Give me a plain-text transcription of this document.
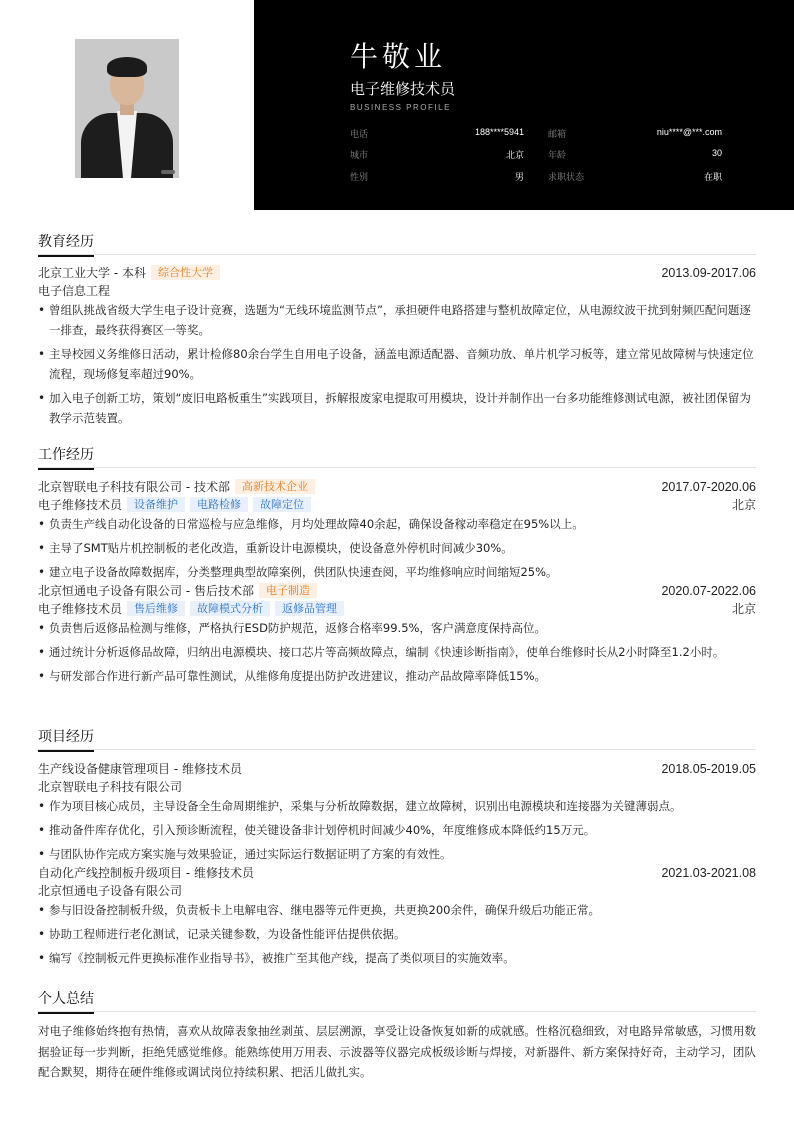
牛敬业
电子维修技术员
BUSINESS PROFILE
电话	188****5941	邮箱	niu****@***.com
城市	北京	年龄	30
性别	男	求职状态	在职
教育经历
北京工业大学 - 本科 综合性大学	2013.09-2017.06
电子信息工程
• 曾组队挑战省级大学生电子设计竞赛，选题为“无线环境监测节点”，承担硬件电路搭建与整机故障定位，从电源纹波干扰到射频匹配问题逐一排查，最终获得赛区一等奖。
• 主导校园义务维修日活动，累计检修80余台学生自用电子设备，涵盖电源适配器、音频功放、单片机学习板等，建立常见故障树与快速定位流程，现场修复率超过90%。
• 加入电子创新工坊，策划“废旧电路板重生”实践项目，拆解报废家电提取可用模块，设计并制作出一台多功能维修测试电源，被社团保留为教学示范装置。
工作经历
北京智联电子科技有限公司 - 技术部 高新技术企业	2017.07-2020.06
电子维修技术员 设备维护 电路检修 故障定位	北京
• 负责生产线自动化设备的日常巡检与应急维修，月均处理故障40余起，确保设备稼动率稳定在95%以上。
• 主导了SMT贴片机控制板的老化改造，重新设计电源模块，使设备意外停机时间减少30%。
• 建立电子设备故障数据库，分类整理典型故障案例，供团队快速查阅，平均维修响应时间缩短25%。
北京恒通电子设备有限公司 - 售后技术部 电子制造	2020.07-2022.06
电子维修技术员 售后维修 故障模式分析 返修品管理	北京
• 负责售后返修品检测与维修，严格执行ESD防护规范，返修合格率99.5%，客户满意度保持高位。
• 通过统计分析返修品故障，归纳出电源模块、接口芯片等高频故障点，编制《快速诊断指南》，使单台维修时长从2小时降至1.2小时。
• 与研发部合作进行新产品可靠性测试，从维修角度提出防护改进建议，推动产品故障率降低15%。
项目经历
生产线设备健康管理项目 - 维修技术员	2018.05-2019.05
北京智联电子科技有限公司
• 作为项目核心成员，主导设备全生命周期维护，采集与分析故障数据，建立故障树，识别出电源模块和连接器为关键薄弱点。
• 推动备件库存优化，引入预诊断流程，使关键设备非计划停机时间减少40%，年度维修成本降低约15万元。
• 与团队协作完成方案实施与效果验证，通过实际运行数据证明了方案的有效性。
自动化产线控制板升级项目 - 维修技术员	2021.03-2021.08
北京恒通电子设备有限公司
• 参与旧设备控制板升级，负责板卡上电解电容、继电器等元件更换，共更换200余件，确保升级后功能正常。
• 协助工程师进行老化测试，记录关键参数，为设备性能评估提供依据。
• 编写《控制板元件更换标准作业指导书》，被推广至其他产线，提高了类似项目的实施效率。
个人总结
对电子维修始终抱有热情，喜欢从故障表象抽丝剥茧、层层溯源，享受让设备恢复如新的成就感。性格沉稳细致，对电路异常敏感，习惯用数据验证每一步判断，拒绝凭感觉维修。能熟练使用万用表、示波器等仪器完成板级诊断与焊接，对新器件、新方案保持好奇，主动学习，团队配合默契，期待在硬件维修或调试岗位持续积累、把活儿做扎实。
